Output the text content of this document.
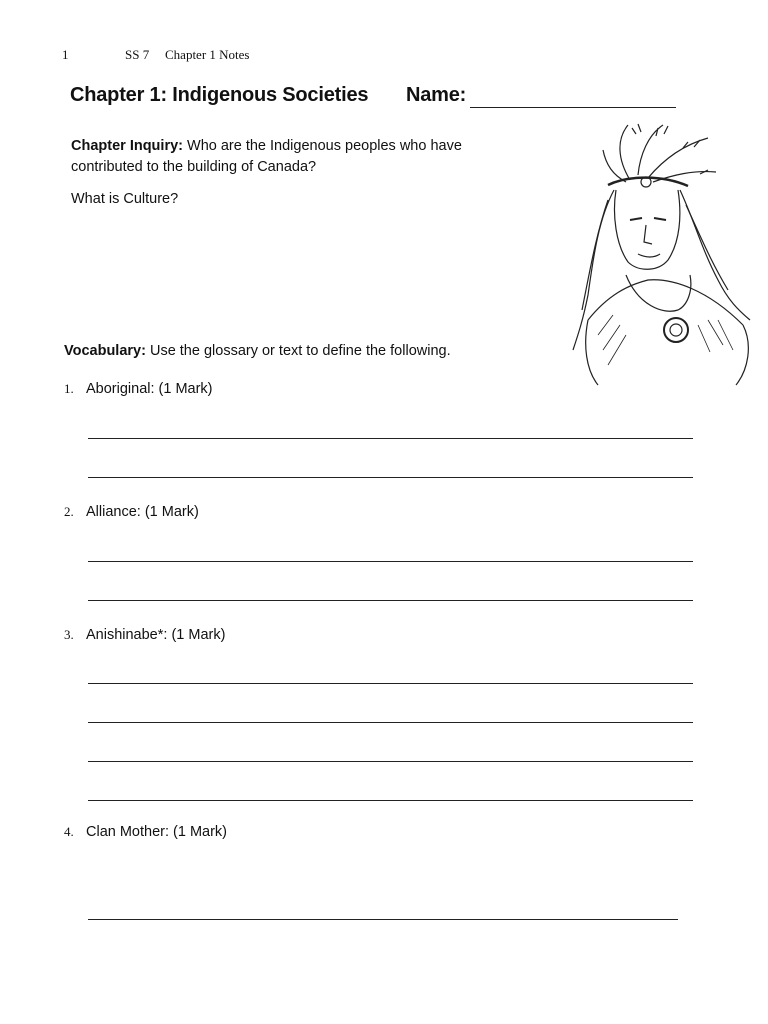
1	SS 7 Chapter 1 Notes
Chapter 1: Indigenous Societies Name:
Chapter Inquiry: Who are the Indigenous peoples who have contributed to the building of Canada?
What is Culture?
Vocabulary: Use the glossary or text to define the following.
1. Aboriginal: (1 Mark)
2. Alliance: (1 Mark)
3. Anishinabe*: (1 Mark)
4. Clan Mother: (1 Mark)
